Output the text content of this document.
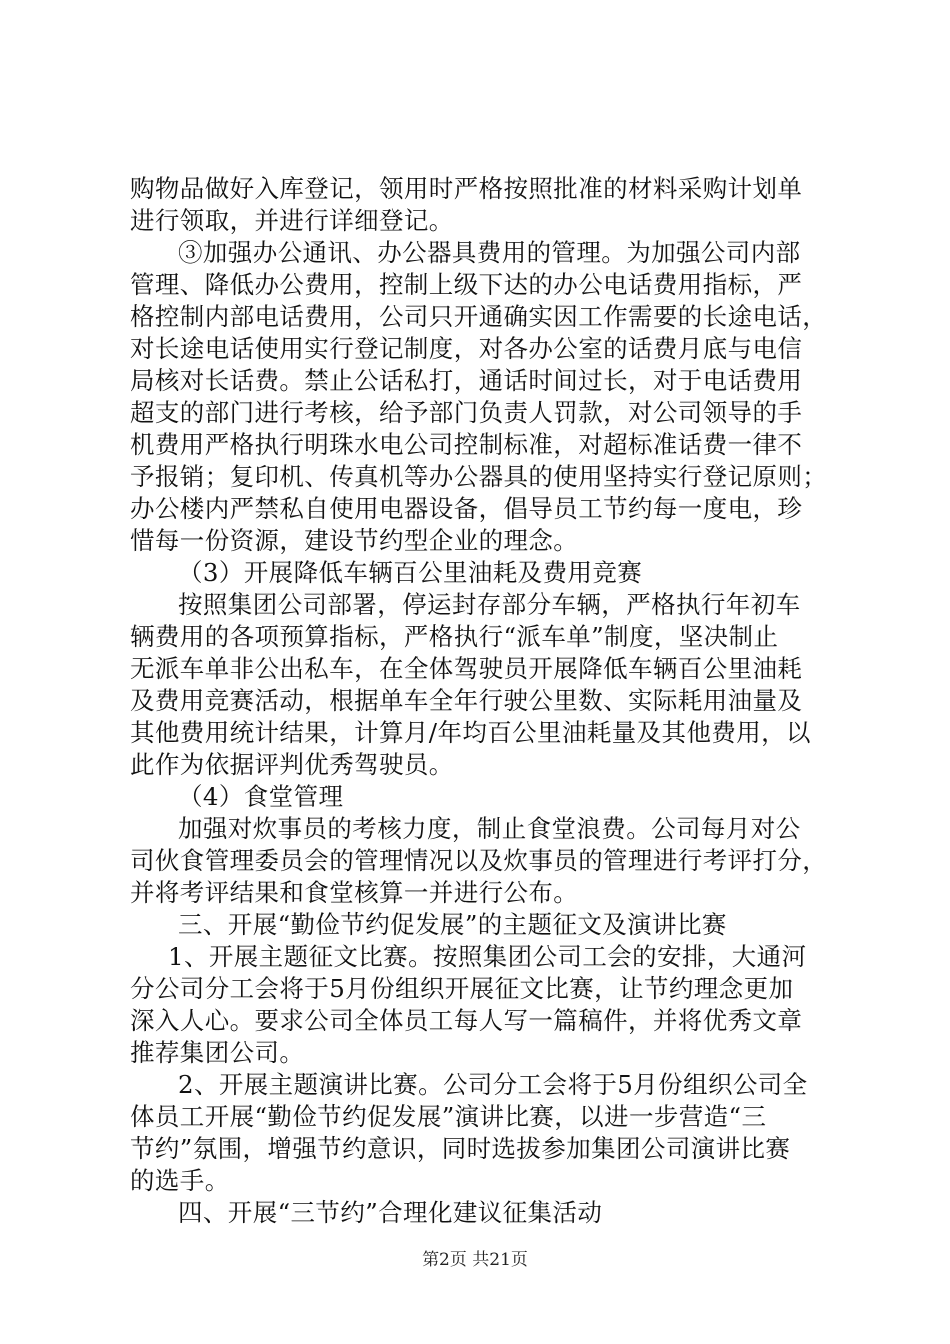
购物品做好入库登记，领用时严格按照批准的材料采购计划单
进行领取，并进行详细登记。
③加强办公通讯、办公器具费用的管理。为加强公司内部
管理、降低办公费用，控制上级下达的办公电话费用指标，严
格控制内部电话费用，公司只开通确实因工作需要的长途电话，
对长途电话使用实行登记制度，对各办公室的话费月底与电信
局核对长话费。禁止公话私打，通话时间过长，对于电话费用
超支的部门进行考核，给予部门负责人罚款，对公司领导的手
机费用严格执行明珠水电公司控制标准，对超标准话费一律不
予报销；复印机、传真机等办公器具的使用坚持实行登记原则；
办公楼内严禁私自使用电器设备，倡导员工节约每一度电，珍
惜每一份资源，建设节约型企业的理念。
（3）开展降低车辆百公里油耗及费用竞赛
按照集团公司部署，停运封存部分车辆，严格执行年初车
辆费用的各项预算指标，严格执行“派车单”制度，坚决制止
无派车单非公出私车，在全体驾驶员开展降低车辆百公里油耗
及费用竞赛活动，根据单车全年行驶公里数、实际耗用油量及
其他费用统计结果，计算月/年均百公里油耗量及其他费用，以
此作为依据评判优秀驾驶员。
（4）食堂管理
加强对炊事员的考核力度，制止食堂浪费。公司每月对公
司伙食管理委员会的管理情况以及炊事员的管理进行考评打分，
并将考评结果和食堂核算一并进行公布。
三、开展“勤俭节约促发展”的主题征文及演讲比赛
1、开展主题征文比赛。按照集团公司工会的安排，大通河
分公司分工会将于5月份组织开展征文比赛，让节约理念更加
深入人心。要求公司全体员工每人写一篇稿件，并将优秀文章
推荐集团公司。
2、开展主题演讲比赛。公司分工会将于5月份组织公司全
体员工开展“勤俭节约促发展”演讲比赛，以进一步营造“三
节约”氛围，增强节约意识，同时选拔参加集团公司演讲比赛
的选手。
四、开展“三节约”合理化建议征集活动
第2页 共21页
